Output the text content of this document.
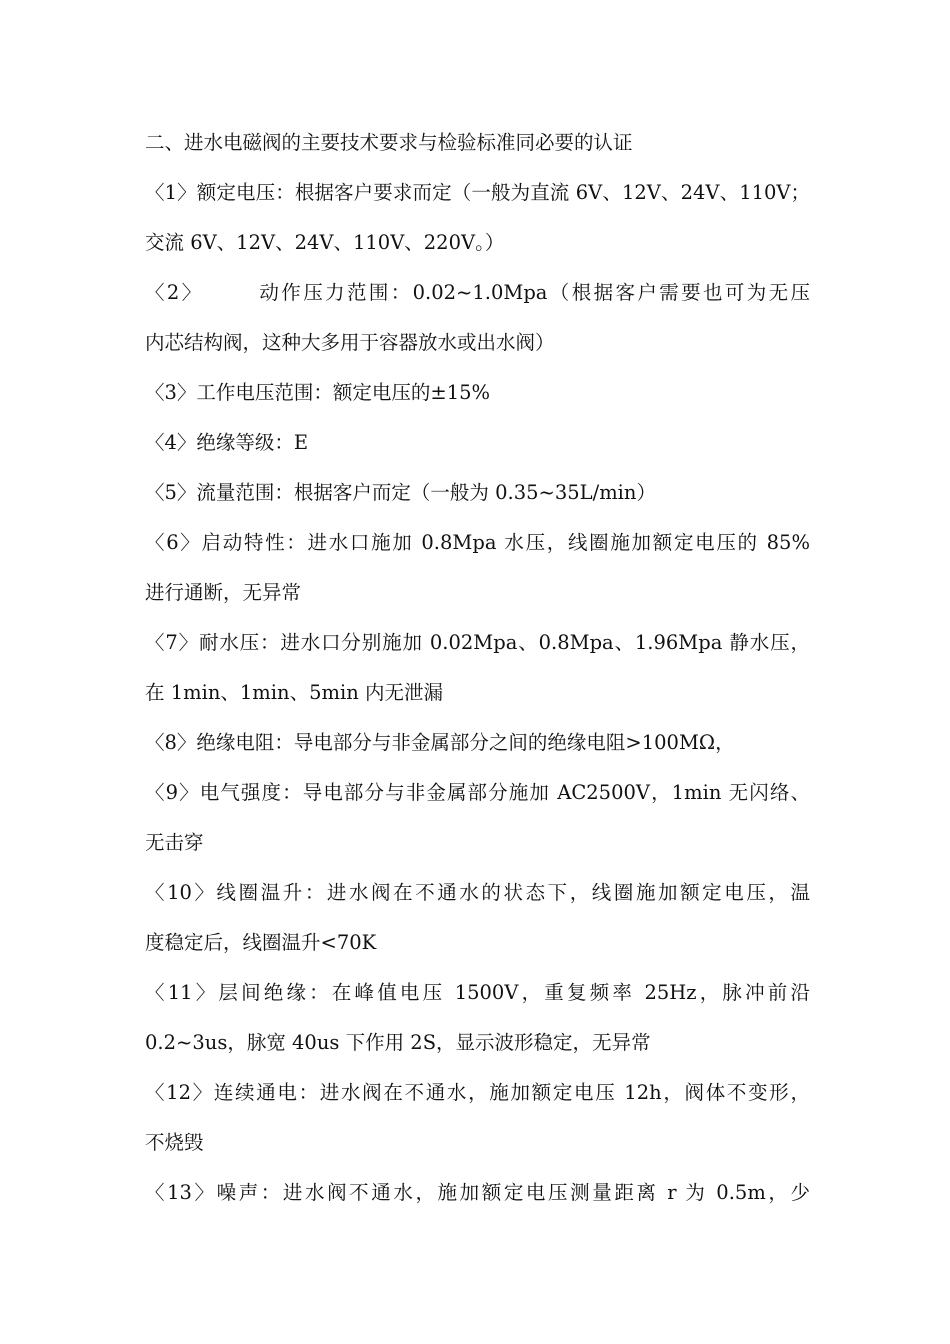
二、进水电磁阀的主要技术要求与检验标准同必要的认证
〈1〉额定电压：根据客户要求而定（一般为直流 6V、12V、24V、110V；
交流 6V、12V、24V、110V、220V。）
〈2〉　　　动作压力范围：0.02~1.0Mpa（根据客户需要也可为无压
内芯结构阀，这种大多用于容器放水或出水阀）
〈3〉工作电压范围：额定电压的±15%
〈4〉绝缘等级：E
〈5〉流量范围：根据客户而定（一般为 0.35~35L/min）
〈6〉启动特性：进水口施加 0.8Mpa 水压，线圈施加额定电压的 85%
进行通断，无异常
〈7〉耐水压：进水口分别施加 0.02Mpa、0.8Mpa、1.96Mpa 静水压，
在 1min、1min、5min 内无泄漏
〈8〉绝缘电阻：导电部分与非金属部分之间的绝缘电阻>100MΩ，
〈9〉电气强度：导电部分与非金属部分施加 AC2500V，1min 无闪络、
无击穿
〈10〉线圈温升：进水阀在不通水的状态下，线圈施加额定电压，温
度稳定后，线圈温升<70K
〈11〉层间绝缘：在峰值电压 1500V，重复频率 25Hz，脉冲前沿
0.2~3us，脉宽 40us 下作用 2S，显示波形稳定，无异常
〈12〉连续通电：进水阀在不通水，施加额定电压 12h，阀体不变形，
不烧毁
〈13〉噪声：进水阀不通水，施加额定电压测量距离 r 为 0.5m，少
